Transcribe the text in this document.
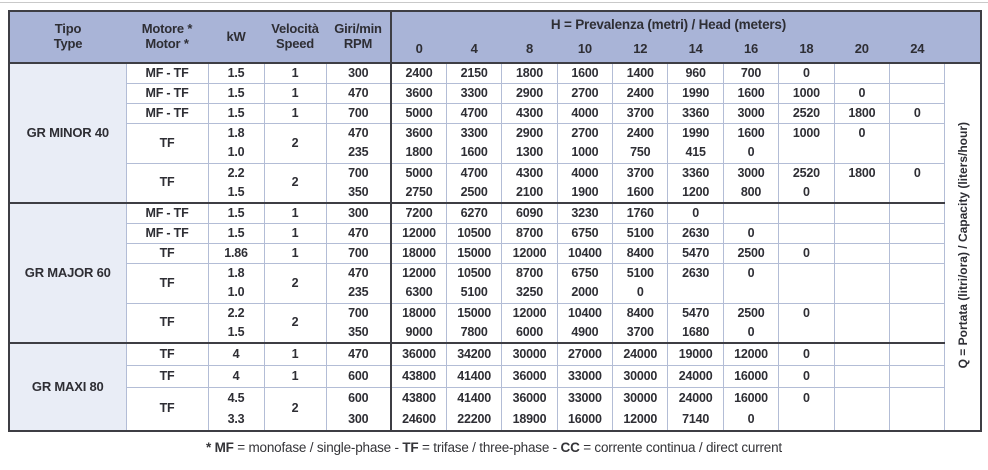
Tipo
Type

Motore *
Motor *	kW	Velocità
Speed

Giri/min
RPM
	H = Prevalenza (metri) / Head (meters)	
					0	4	8	10	12	14	16	18	20	24	
GR MINOR 40	MF - TF	1.5	1	300	2400	2150	1800	1600	1400	960	700	0			Q = Portata (litri/ora) / Capacity (liters/hour)
	MF - TF	1.5	1	470	3600	3300	2900	2700	2400	1990	1600	1000	0		
	MF - TF	1.5	1	700	5000	4700	4300	4000	3700	3360	3000	2520	1800	0	
	TF	1.8	2	470	3600	3300	2900	2700	2400	1990	1600	1000	0		
		1.0		235	1800	1600	1300	1000	750	415	0				
	TF	2.2	2	700	5000	4700	4300	4000	3700	3360	3000	2520	1800	0	
		1.5		350	2750	2500	2100	1900	1600	1200	800	0			
GR MAJOR 60	MF - TF	1.5	1	300	7200	6270	6090	3230	1760	0					
	MF - TF	1.5	1	470	12000	10500	8700	6750	5100	2630	0				
	TF	1.86	1	700	18000	15000	12000	10400	8400	5470	2500	0			
	TF	1.8	2	470	12000	10500	8700	6750	5100	2630	0				
		1.0		235	6300	5100	3250	2000	0						
	TF	2.2	2	700	18000	15000	12000	10400	8400	5470	2500	0			
		1.5		350	9000	7800	6000	4900	3700	1680	0				
GR MAXI 80	TF	4	1	470	36000	34200	30000	27000	24000	19000	12000	0			
	TF	4	1	600	43800	41400	36000	33000	30000	24000	16000	0			
	TF	4.5	2	600	43800	41400	36000	33000	30000	24000	16000	0			
		3.3		300	24600	22200	18900	16000	12000	7140	0				
* MF = monofase / single-phase - TF = trifase / three-phase - CC = corrente continua / direct current
